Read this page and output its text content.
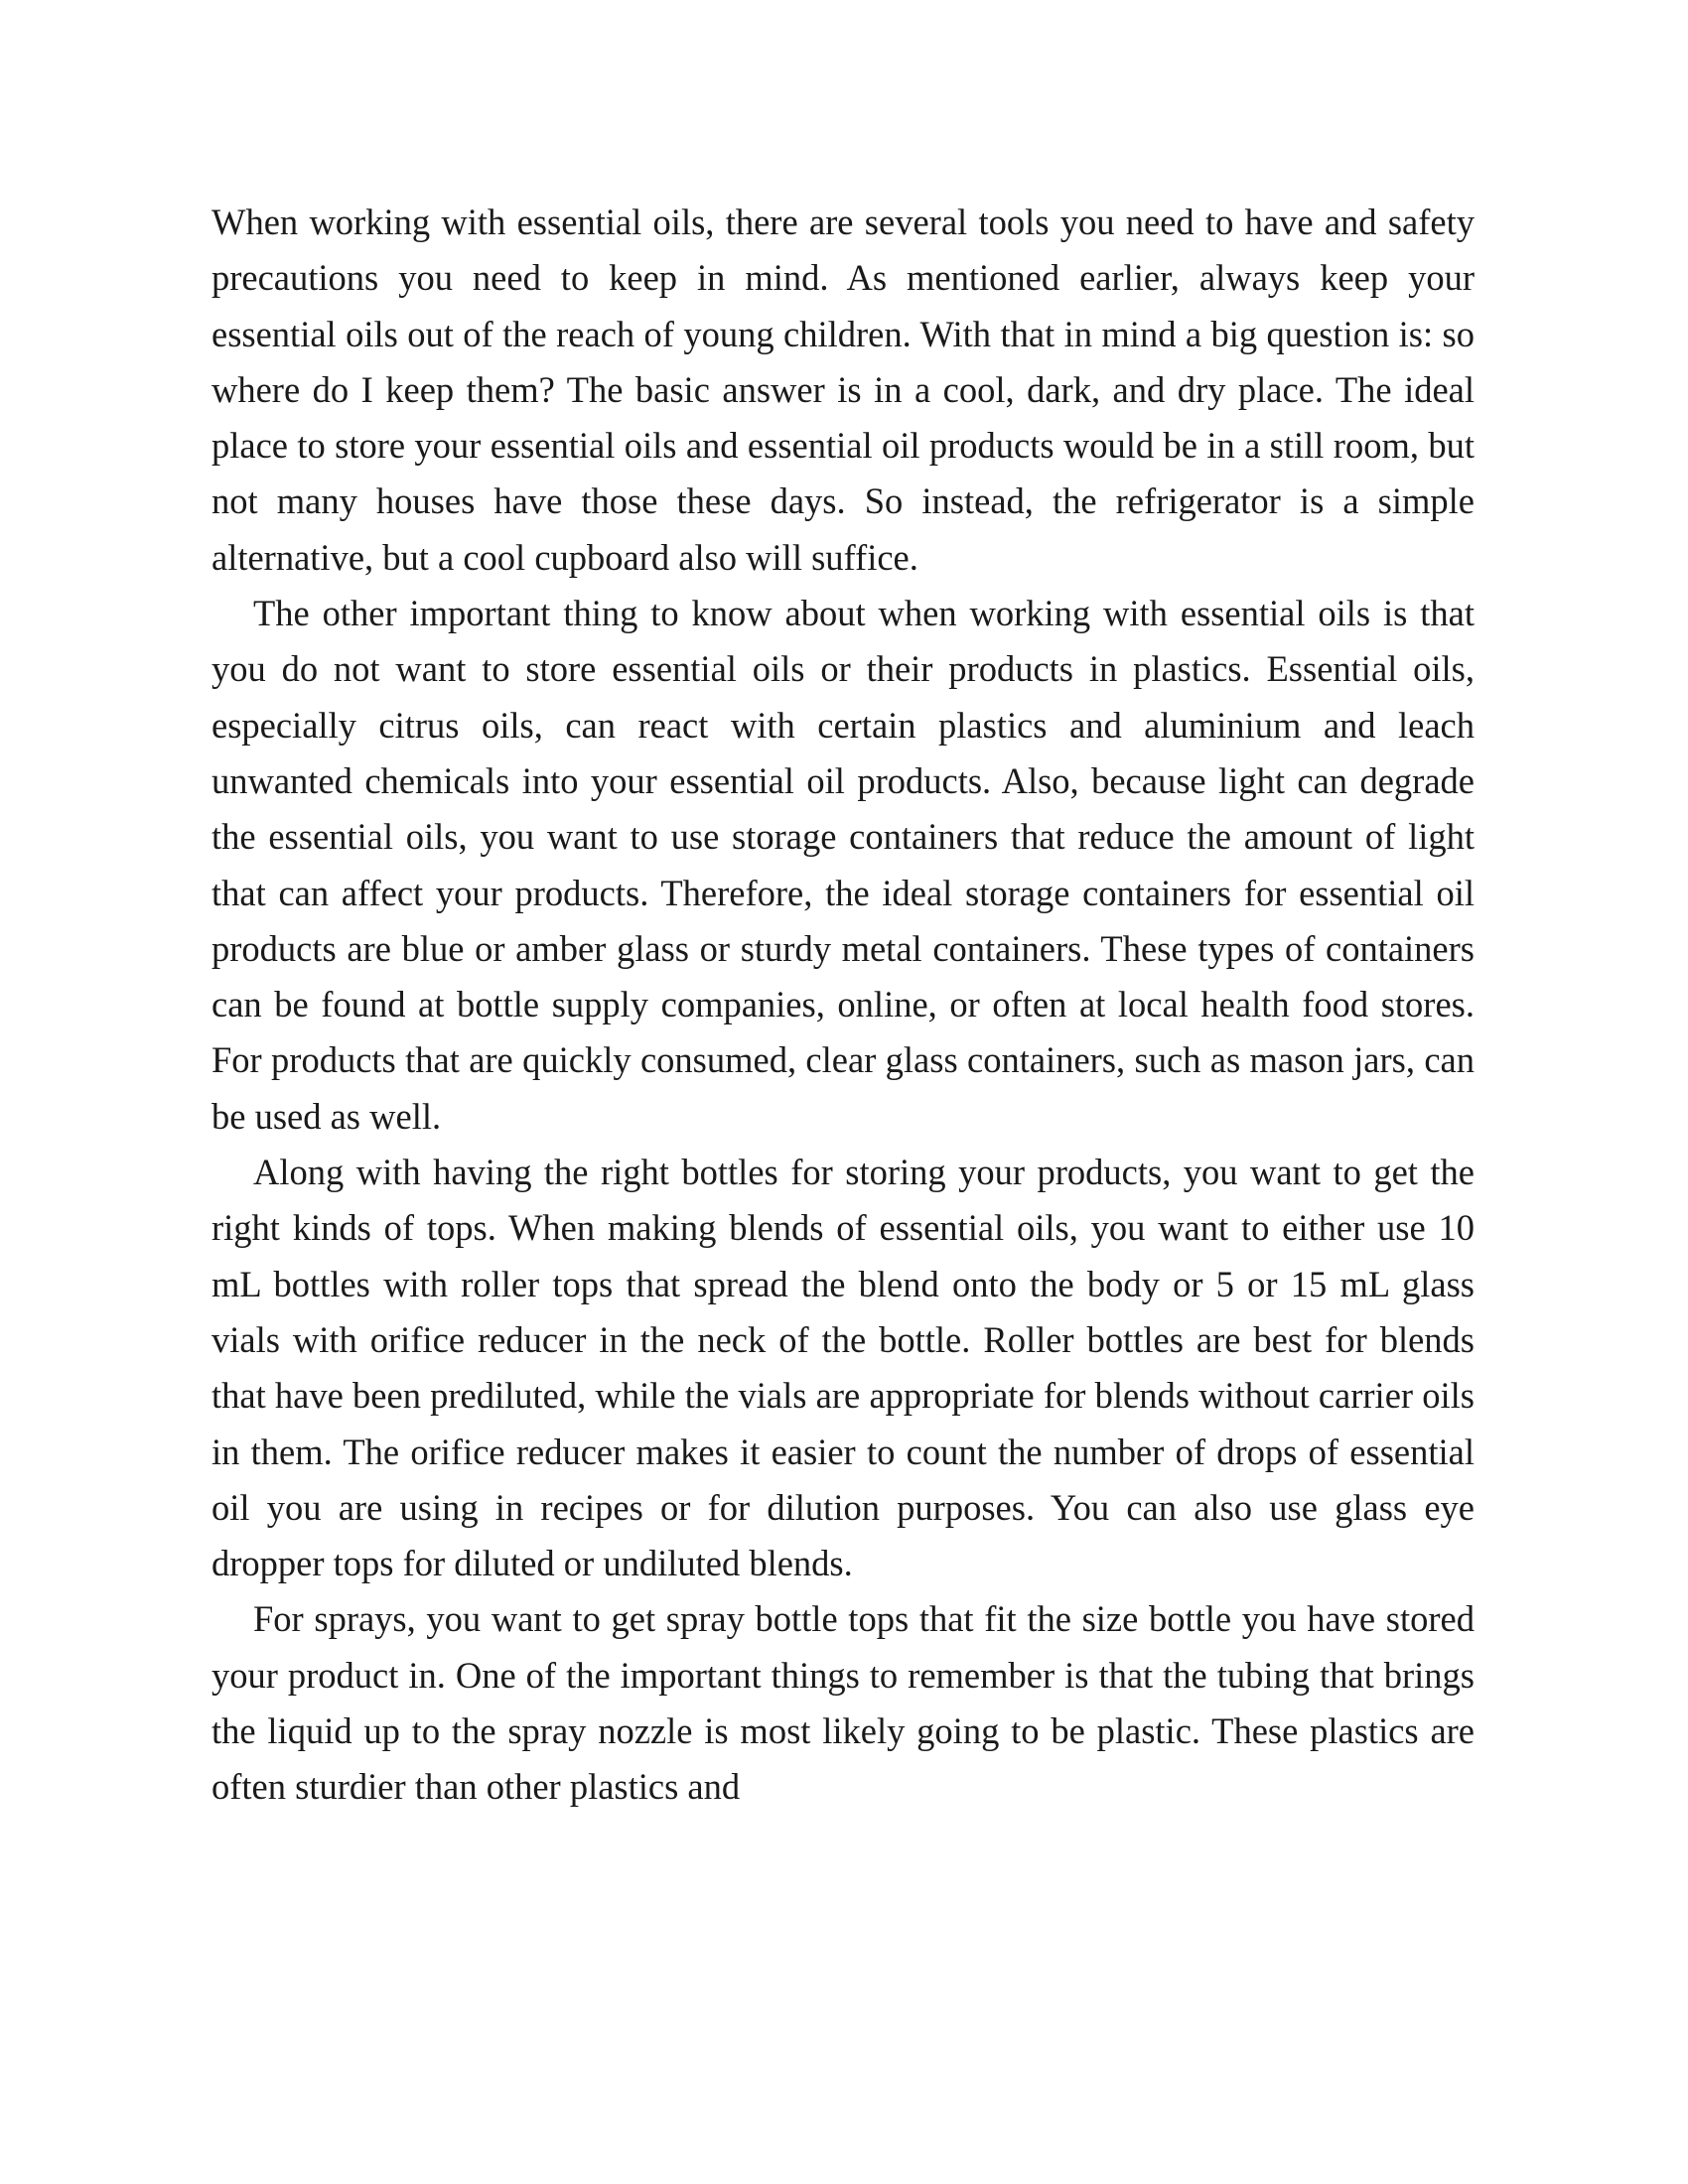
When working with essential oils, there are several tools you need to have and safety precautions you need to keep in mind. As mentioned earlier, always keep your essential oils out of the reach of young children. With that in mind a big question is: so where do I keep them? The basic answer is in a cool, dark, and dry place. The ideal place to store your essential oils and essential oil products would be in a still room, but not many houses have those these days. So instead, the refrigerator is a simple alternative, but a cool cupboard also will suffice.

The other important thing to know about when working with essential oils is that you do not want to store essential oils or their products in plastics. Essential oils, especially citrus oils, can react with certain plastics and aluminium and leach unwanted chemicals into your essential oil products. Also, because light can degrade the essential oils, you want to use storage containers that reduce the amount of light that can affect your products. Therefore, the ideal storage containers for essential oil products are blue or amber glass or sturdy metal containers. These types of containers can be found at bottle supply companies, online, or often at local health food stores. For products that are quickly consumed, clear glass containers, such as mason jars, can be used as well.

Along with having the right bottles for storing your products, you want to get the right kinds of tops. When making blends of essential oils, you want to either use 10 mL bottles with roller tops that spread the blend onto the body or 5 or 15 mL glass vials with orifice reducer in the neck of the bottle. Roller bottles are best for blends that have been prediluted, while the vials are appropriate for blends without carrier oils in them. The orifice reducer makes it easier to count the number of drops of essential oil you are using in recipes or for dilution purposes. You can also use glass eye dropper tops for diluted or undiluted blends.

For sprays, you want to get spray bottle tops that fit the size bottle you have stored your product in. One of the important things to remember is that the tubing that brings the liquid up to the spray nozzle is most likely going to be plastic. These plastics are often sturdier than other plastics and
